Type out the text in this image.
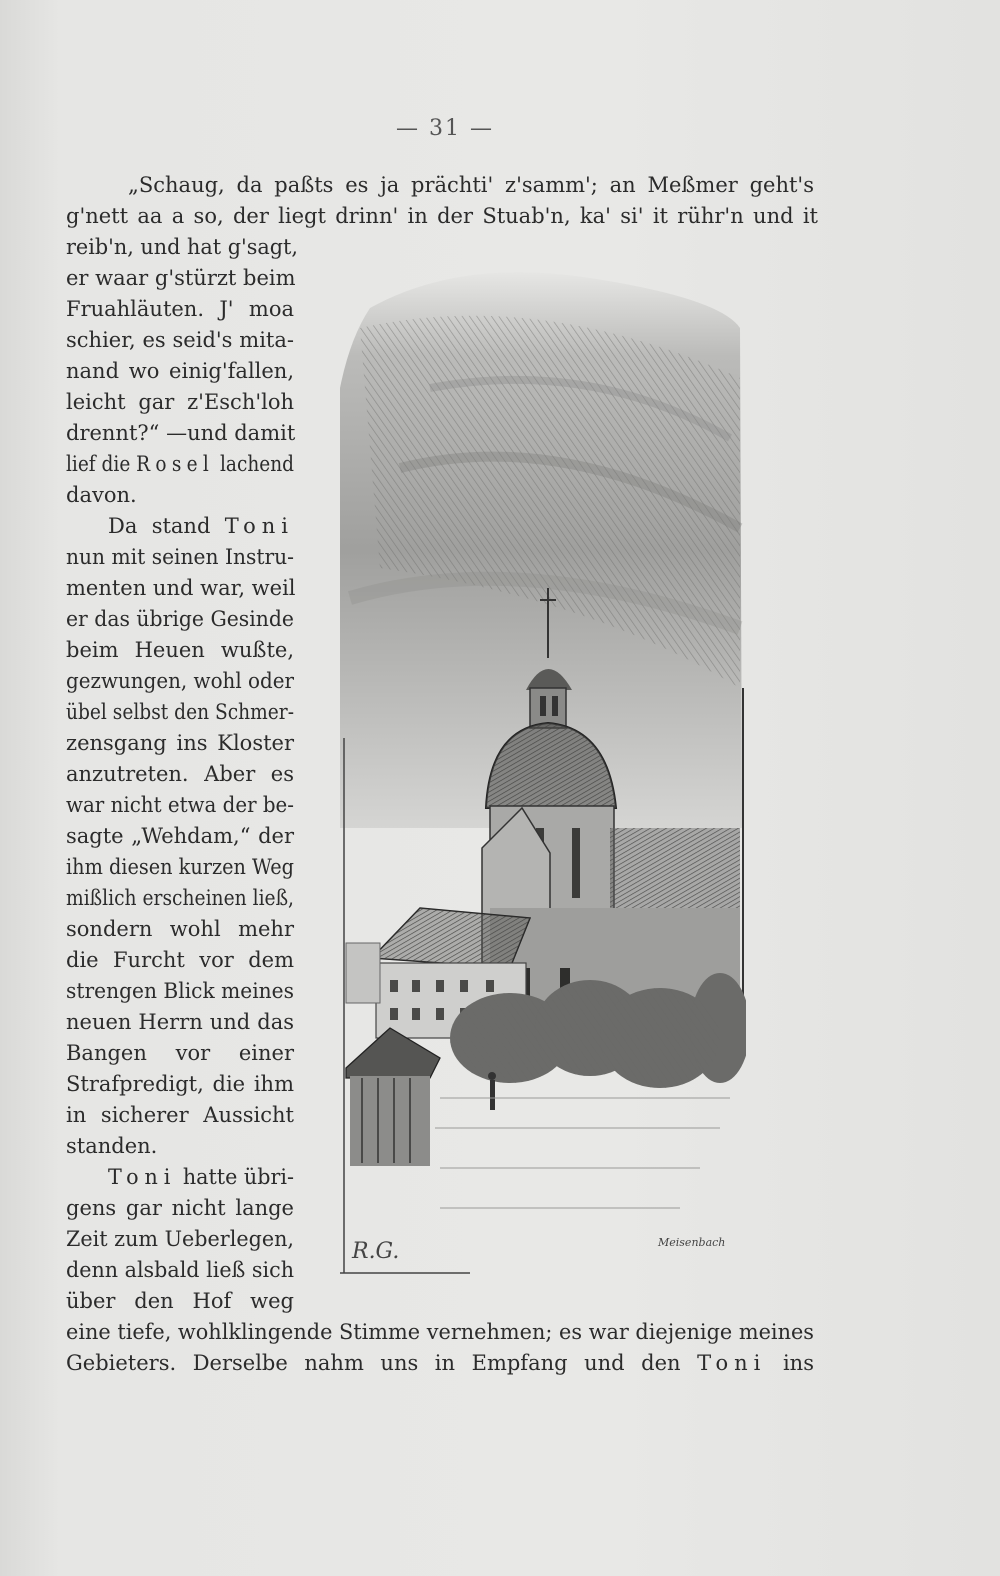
— 31 —
„Schaug, da paßts es ja prächti' z'samm'; an Meßmer geht's
g'nett aa a so, der liegt drinn' in der Stuab'n, ka' si' it rühr'n und it
reib'n, und hat g'sagt,
er waar g'stürzt beim
Fruahläuten. J' moa
schier, es seid's mita-
nand wo einig'fallen,
leicht gar z'Esch'loh
drennt?“ —und damit
lief die Rosel lachend
davon.
Da stand Toni
nun mit seinen Instru-
menten und war, weil
er das übrige Gesinde
beim Heuen wußte,
gezwungen, wohl oder
übel selbst den Schmer-
zensgang ins Kloster
anzutreten. Aber es
war nicht etwa der be-
sagte „Wehdam,“ der
ihm diesen kurzen Weg
mißlich erscheinen ließ,
sondern wohl mehr
die Furcht vor dem
strengen Blick meines
neuen Herrn und das
Bangen vor einer
Strafpredigt, die ihm
in sicherer Aussicht
standen.
Toni hatte übri-
gens gar nicht lange
Zeit zum Ueberlegen,
denn alsbald ließ sich
über den Hof weg
eine tiefe, wohlklingende Stimme vernehmen; es war diejenige meines
Gebieters. Derselbe nahm uns in Empfang und den Toni ins
R.G.	Meisenbach
